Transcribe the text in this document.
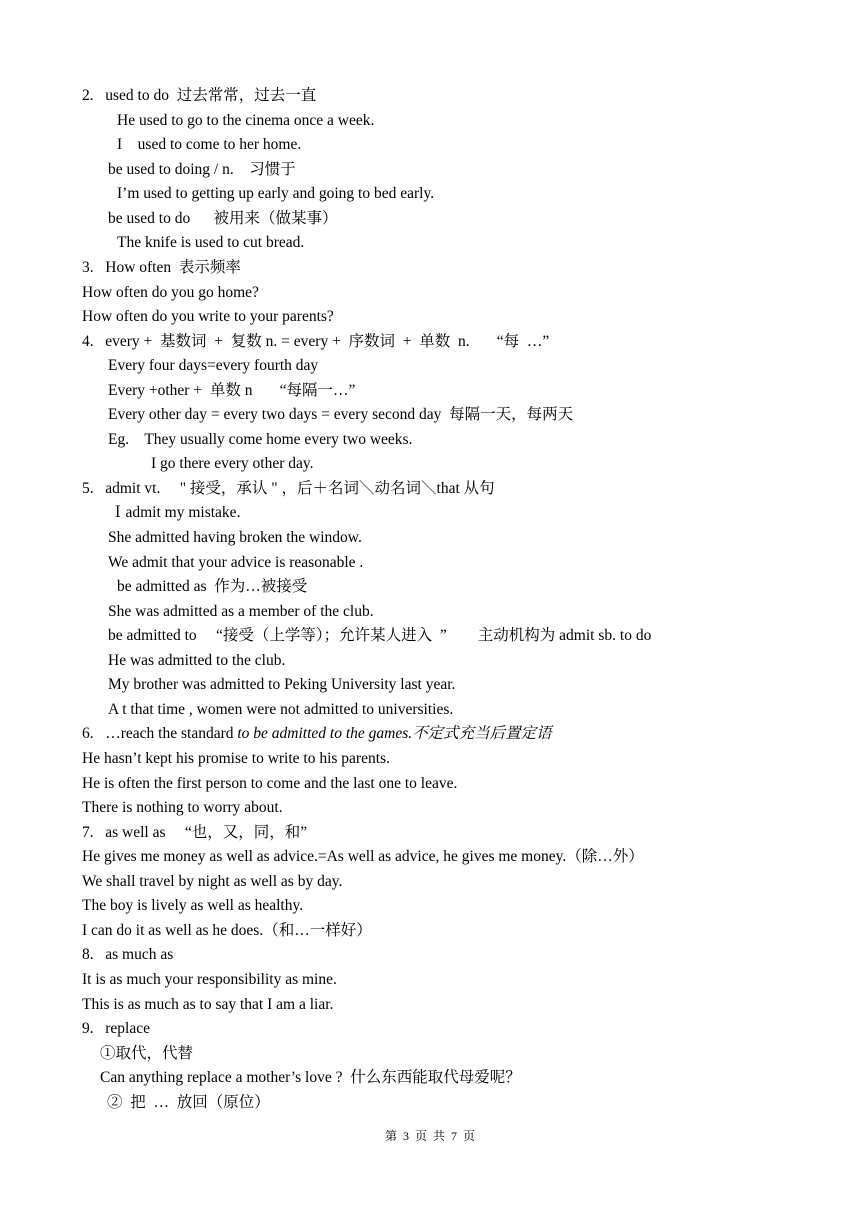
2.   used to do  过去常常，过去一直
He used to go to the cinema once a week.
I    used to come to her home.
be used to doing / n.    习惯于
I’m used to getting up early and going to bed early.
be used to do      被用来（做某事）
The knife is used to cut bread.
3.   How often  表示频率
How often do you go home?
How often do you write to your parents?
4.   every +  基数词  +  复数 n. = every +  序数词  +  单数  n.       “每  …”
Every four days=every fourth day
Every +other +  单数 n       “每隔一…”
Every other day = every two days = every second day  每隔一天，每两天
Eg.    They usually come home every two weeks.
I go there every other day.
5.   admit vt.     " 接受，承认 " ，后＋名词＼动名词＼that 从句
Ｉadmit my mistake.
She admitted having broken the window.
We admit that your advice is reasonable .
be admitted as  作为…被接受
She was admitted as a member of the club.
be admitted to     “接受（上学等）；允许某人进入  ”        主动机构为 admit sb. to do
He was admitted to the club.
My brother was admitted to Peking University last year.
A t that time , women were not admitted to universities.
6.   …reach the standard to be admitted to the games.不定式充当后置定语
He hasn’t kept his promise to write to his parents.
He is often the first person to come and the last one to leave.
There is nothing to worry about.
7.   as well as     “也，又，同，和”
He gives me money as well as advice.=As well as advice, he gives me money.（除…外）
We shall travel by night as well as by day.
The boy is lively as well as healthy.
I can do it as well as he does.（和…一样好）
8.   as much as
It is as much your responsibility as mine.
This is as much as to say that I am a liar.
9.   replace
①取代，代替
Can anything replace a mother’s love ?  什么东西能取代母爱呢？
②  把  …  放回（原位）
第  3  页  共  7  页
